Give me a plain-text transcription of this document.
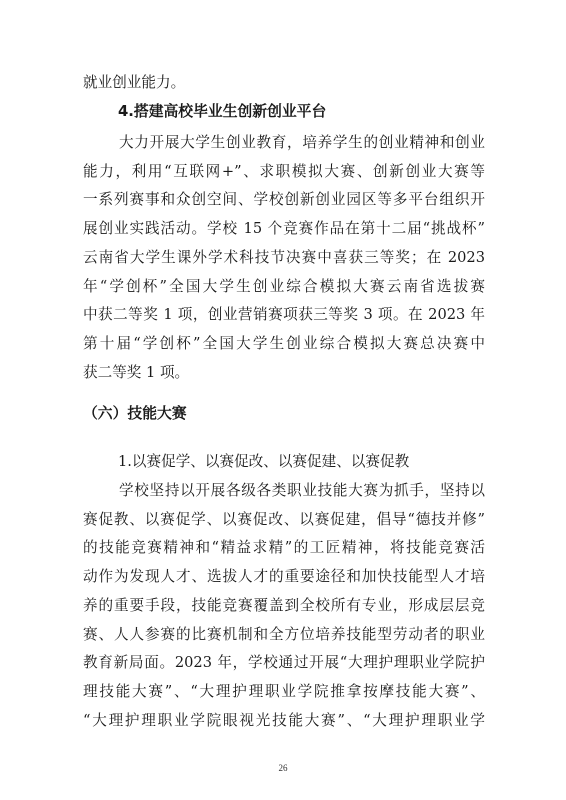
就业创业能力。
4.搭建高校毕业生创新创业平台
大力开展大学生创业教育，培养学生的创业精神和创业
能力，利用“互联网+”、求职模拟大赛、创新创业大赛等
一系列赛事和众创空间、学校创新创业园区等多平台组织开
展创业实践活动。学校 15 个竞赛作品在第十二届“挑战杯”
云南省大学生课外学术科技节决赛中喜获三等奖；在 2023
年“学创杯”全国大学生创业综合模拟大赛云南省选拔赛
中获二等奖 1 项，创业营销赛项获三等奖 3 项。在 2023 年
第十届“学创杯”全国大学生创业综合模拟大赛总决赛中
获二等奖 1 项。
（六）技能大赛
1.以赛促学、以赛促改、以赛促建、以赛促教
学校坚持以开展各级各类职业技能大赛为抓手，坚持以
赛促教、以赛促学、以赛促改、以赛促建，倡导“德技并修”
的技能竞赛精神和“精益求精”的工匠精神，将技能竞赛活
动作为发现人才、选拔人才的重要途径和加快技能型人才培
养的重要手段，技能竞赛覆盖到全校所有专业，形成层层竞
赛、人人参赛的比赛机制和全方位培养技能型劳动者的职业
教育新局面。2023 年，学校通过开展“大理护理职业学院护
理技能大赛”、“大理护理职业学院推拿按摩技能大赛”、
“大理护理职业学院眼视光技能大赛”、“大理护理职业学
26
